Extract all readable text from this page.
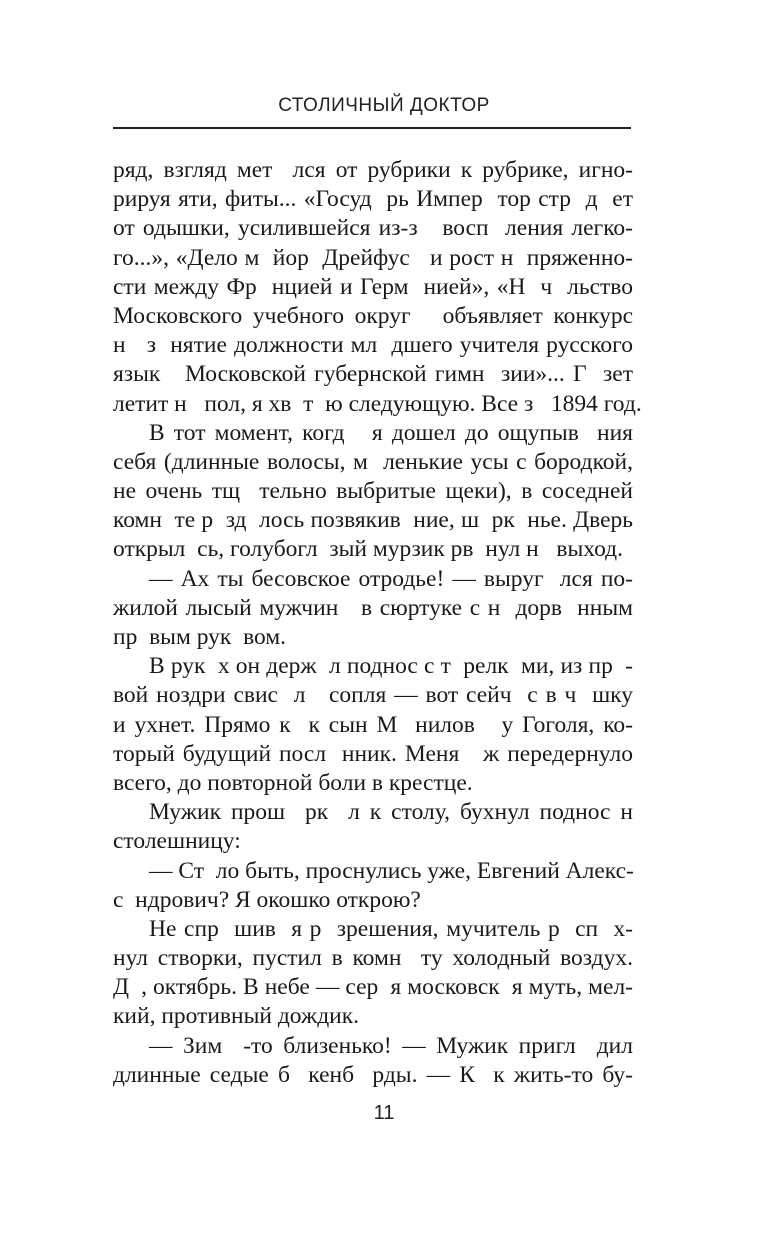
СТОЛИЧНЫЙ ДОКТОР
ряд, взгляд мет  лся от рубрики к рубрике, игно-
рируя яти, фиты... «Госуд  рь Импер  тор стр  д  ет
от одышки, усилившейся из-з   восп  ления легко-
го...», «Дело м  йор  Дрейфус   и рост н  пряженно-
сти между Фр  нцией и Герм  нией», «Н  ч  льство
Московского учебного округ   объявляет конкурс
н   з  нятие должности мл  дшего учителя русского
язык   Московской губернской гимн  зии»... Г  зет
летит н   пол, я хв  т  ю следующую. Все з   1894 год.
В тот момент, когд   я дошел до ощупыв  ния
себя (длинные волосы, м  ленькие усы с бородкой,
не очень тщ  тельно выбритые щеки), в соседней
комн  те р  зд  лось позвякив  ние, ш  рк  нье. Дверь
открыл  сь, голубогл  зый мурзик рв  нул н   выход.
— Ах ты бесовское отродье! — выруг  лся по-
жилой лысый мужчин   в сюртуке с н  дорв  нным
пр  вым рук  вом.
В рук  х он держ  л поднос с т  релк  ми, из пр  -
вой ноздри свис  л   сопля — вот сейч  с в ч  шку
и ухнет. Прямо к  к сын М  нилов   у Гоголя, ко-
торый будущий посл  нник. Меня   ж передернуло
всего, до повторной боли в крестце.
Мужик прош  рк  л к столу, бухнул поднос н
столешницу:
— Ст  ло быть, проснулись уже, Евгений Алекс-
с  ндрович? Я окошко открою?
Не спр  шив  я р  зрешения, мучитель р  сп  х-
нул створки, пустил в комн  ту холодный воздух.
Д  , октябрь. В небе — сер  я московск  я муть, мел-
кий, противный дождик.
— Зим  -то близенько! — Мужик пригл  дил
длинные седые б  кенб  рды. — К  к жить-то бу-
11
